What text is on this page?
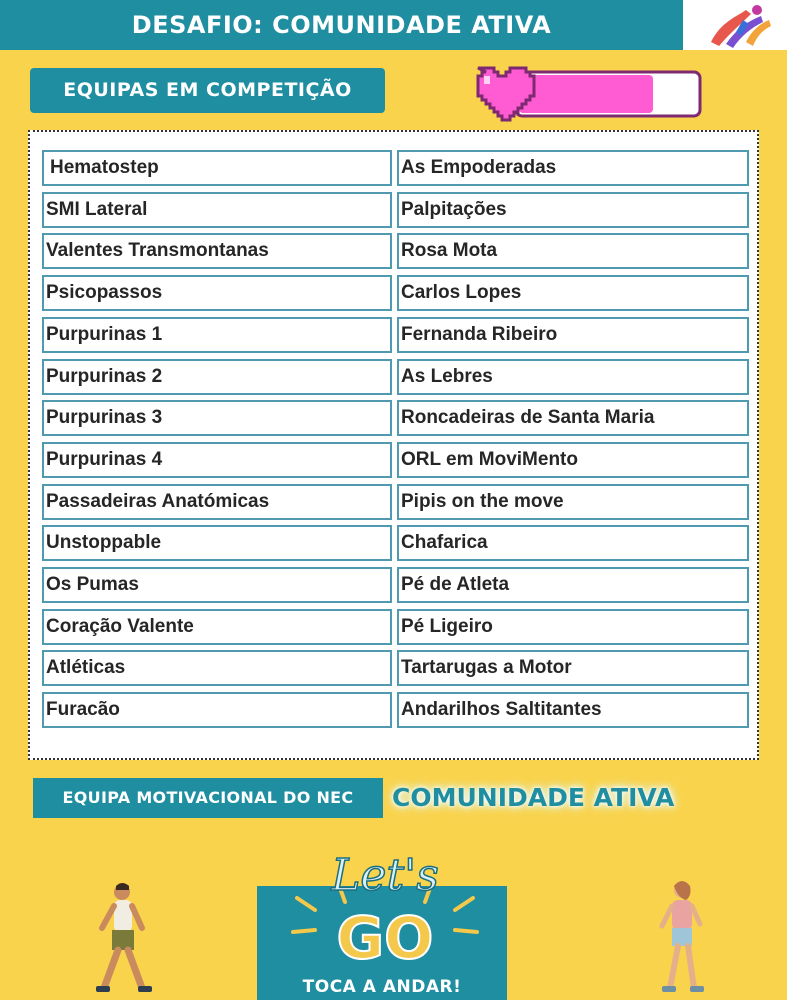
DESAFIO: COMUNIDADE ATIVA
EQUIPAS EM COMPETIÇÃO
Hematostep
SMI Lateral
Valentes Transmontanas
Psicopassos
Purpurinas 1
Purpurinas 2
Purpurinas 3
Purpurinas 4
Passadeiras Anatómicas
Unstoppable
Os Pumas
Coração Valente
Atléticas
Furacão
As Empoderadas
Palpitações
Rosa Mota
Carlos Lopes
Fernanda Ribeiro
As Lebres
Roncadeiras de Santa Maria
ORL em MoviMento
Pipis on the move
Chafarica
Pé de Atleta
Pé Ligeiro
Tartarugas a Motor
Andarilhos Saltitantes
EQUIPA MOTIVACIONAL DO NEC	COMUNIDADE ATIVA
Let's
GO
TOCA A ANDAR!
